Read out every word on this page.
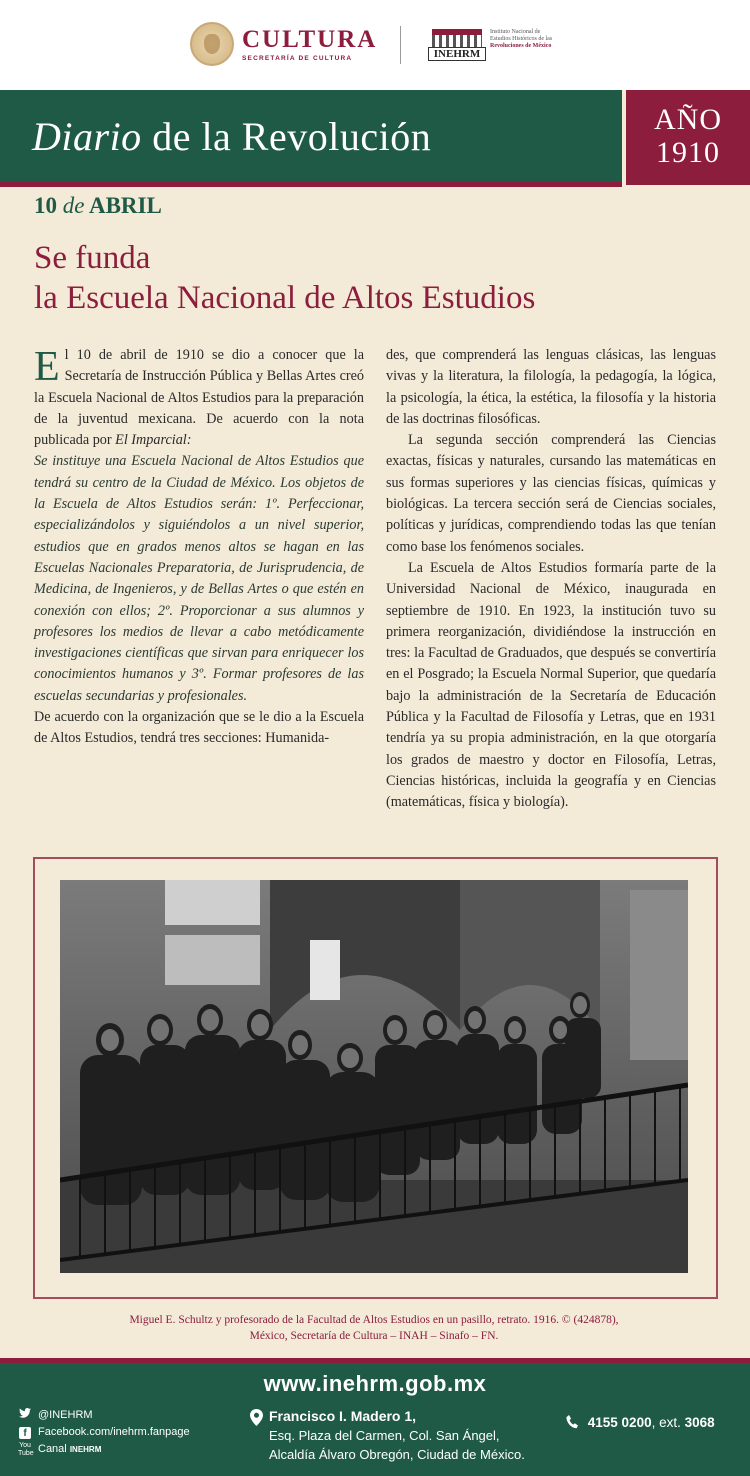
CULTURA
SECRETARÍA DE CULTURA	INEHRM
Instituto Nacional de
Estudios Históricos de las
Revoluciones de México
Diario de la Revolución	AÑO
1910
10 de ABRIL
Se funda
la Escuela Nacional de Altos Estudios

El 10 de abril de 1910 se dio a conocer que la Secretaría de Instrucción Pública y Bellas Artes creó la Escuela Nacional de Altos Estudios para la preparación de la juventud mexicana. De acuerdo con la nota publicada por El Imparcial:

Se instituye una Escuela Nacional de Altos Estudios que tendrá su centro de la Ciudad de México. Los objetos de la Escuela de Altos Estudios serán: 1º. Perfeccionar, especializándolos y siguiéndolos a un nivel superior, estudios que en grados menos altos se hagan en las Escuelas Nacionales Preparatoria, de Jurisprudencia, de Medicina, de Ingenieros, y de Bellas Artes o que estén en conexión con ellos; 2º. Proporcionar a sus alumnos y profesores los medios de llevar a cabo metódicamente investigaciones científicas que sirvan para enriquecer los conocimientos humanos y 3º. Formar profesores de las escuelas secundarias y profesionales.

De acuerdo con la organización que se le dio a la Escuela de Altos Estudios, tendrá tres secciones: Humanida-

des, que comprenderá las lenguas clásicas, las lenguas vivas y la literatura, la filología, la pedagogía, la lógica, la psicología, la ética, la estética, la filosofía y la historia de las doctrinas filosóficas.

La segunda sección comprenderá las Ciencias exactas, físicas y naturales, cursando las matemáticas en sus formas superiores y las ciencias físicas, químicas y biológicas. La tercera sección será de Ciencias sociales, políticas y jurídicas, comprendiendo todas las que tenían como base los fenómenos sociales.

La Escuela de Altos Estudios formaría parte de la Universidad Nacional de México, inaugurada en septiembre de 1910. En 1923, la institución tuvo su primera reorganización, dividiéndose la instrucción en tres: la Facultad de Graduados, que después se convertiría en el Posgrado; la Escuela Normal Superior, que quedaría bajo la administración de la Secretaría de Educación Pública y la Facultad de Filosofía y Letras, que en 1931 tendría ya su propia administración, en la que otorgaría los grados de maestro y doctor en Filosofía, Letras, Ciencias históricas, incluida la geografía y en Ciencias (matemáticas, física y biología).

Miguel E. Schultz y profesorado de la Facultad de Altos Estudios en un pasillo, retrato. 1916. © (424878),
México, Secretaría de Cultura – INAH – Sinafo – FN.
www.inehrm.gob.mx
@INEHRM
f	Facebook.com/inehrm.fanpage
You Tube Canal INEHRM
Francisco I. Madero 1,
Esq. Plaza del Carmen, Col. San Ángel,
Alcaldía Álvaro Obregón, Ciudad de México.
4155 0200, ext. 3068
